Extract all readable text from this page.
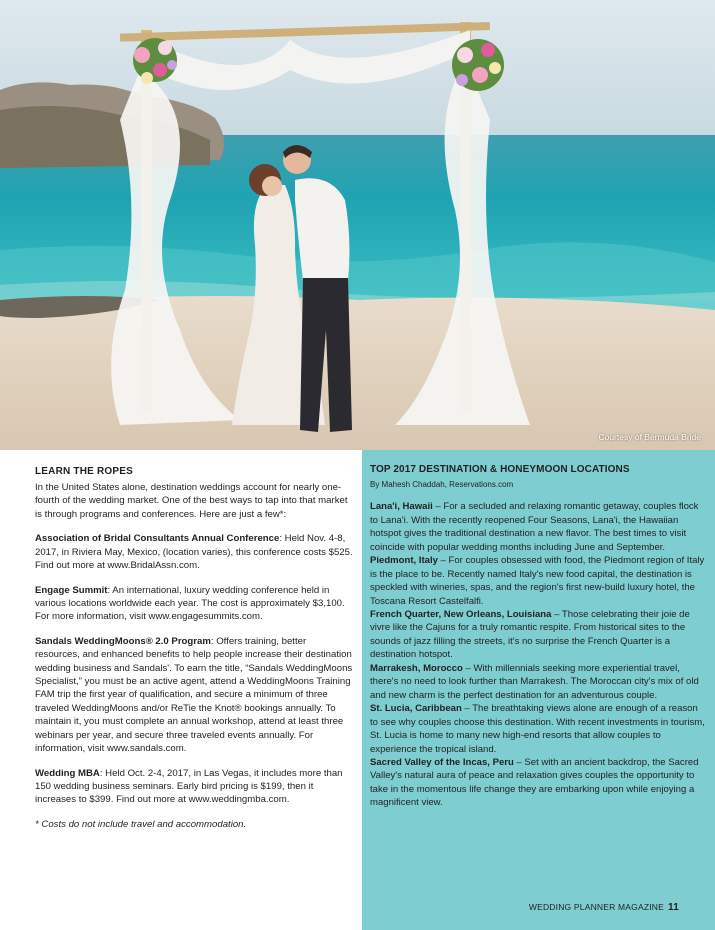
Courtesy of Bermuda Bride
LEARN THE ROPES

In the United States alone, destination weddings account for nearly one-fourth of the wedding market. One of the best ways to tap into that market is through programs and conferences. Here are just a few*:

Association of Bridal Consultants Annual Conference: Held Nov. 4-8, 2017, in Riviera May, Mexico, (location varies), this conference costs $525. Find out more at www.BridalAssn.com.

Engage Summit: An international, luxury wedding conference held in various locations worldwide each year. The cost is approximately $3,100. For more information, visit www.engagesummits.com.

Sandals WeddingMoons® 2.0 Program: Offers training, better resources, and enhanced benefits to help people increase their destination wedding business and Sandals'. To earn the title, “Sandals WeddingMoons Specialist,” you must be an active agent, attend a WeddingMoons Training FAM trip the first year of qualification, and secure a minimum of three traveled WeddingMoons and/or ReTie the Knot® bookings annually. To maintain it, you must complete an annual workshop, attend at least three webinars per year, and secure three traveled events annually. For information, visit www.sandals.com.

Wedding MBA: Held Oct. 2-4, 2017, in Las Vegas, it includes more than 150 wedding business seminars. Early bird pricing is $199, then it increases to $399. Find out more at www.weddingmba.com.

* Costs do not include travel and accommodation.

TOP 2017 DESTINATION & HONEYMOON LOCATIONS
By Mahesh Chaddah, Reservations.com
Lana'i, Hawaii – For a secluded and relaxing romantic getaway, couples flock to Lana'i. With the recently reopened Four Seasons, Lana'i, the Hawaiian hotspot gives the traditional destination a new flavor. The best times to visit coincide with popular wedding months including June and September.
Piedmont, Italy – For couples obsessed with food, the Piedmont region of Italy is the place to be. Recently named Italy's new food capital, the destination is speckled with wineries, spas, and the region's first new-build luxury hotel, the Toscana Resort Castelfalfi.
French Quarter, New Orleans, Louisiana – Those celebrating their joie de vivre like the Cajuns for a truly romantic respite. From historical sites to the sounds of jazz filling the streets, it's no surprise the French Quarter is a destination hotspot.
Marrakesh, Morocco – With millennials seeking more experiential travel, there's no need to look further than Marrakesh. The Moroccan city's mix of old and new charm is the perfect destination for an adventurous couple.
St. Lucia, Caribbean – The breathtaking views alone are enough of a reason to see why couples choose this destination. With recent investments in tourism, St. Lucia is home to many new high-end resorts that allow couples to experience the tropical island.
Sacred Valley of the Incas, Peru – Set with an ancient backdrop, the Sacred Valley's natural aura of peace and relaxation gives couples the opportunity to take in the momentous life change they are embarking upon while enjoying a magnificent view.
WEDDING PLANNER MAGAZINE 11
